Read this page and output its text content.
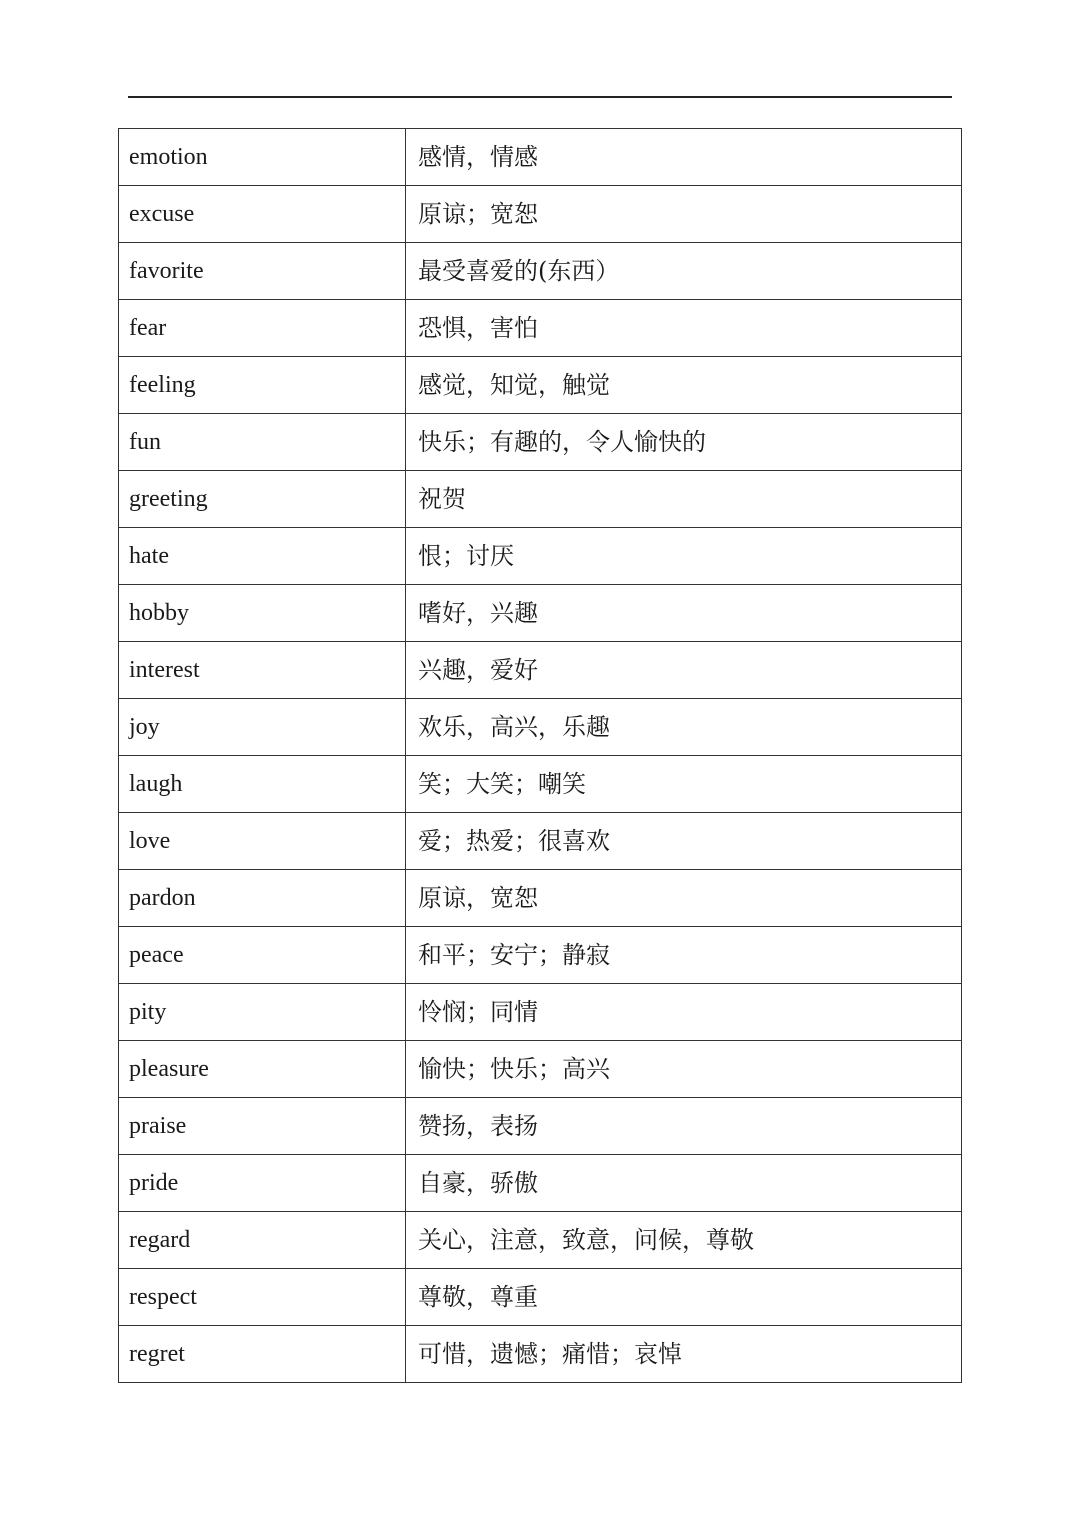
emotion	感情，情感
excuse	原谅；宽恕
favorite	最受喜爱的(东西）
fear	恐惧，害怕
feeling	感觉，知觉，触觉
fun	快乐；有趣的，令人愉快的
greeting	祝贺
hate	恨；讨厌
hobby	嗜好，兴趣
interest	兴趣，爱好
joy	欢乐，高兴，乐趣
laugh	笑；大笑；嘲笑
love	爱；热爱；很喜欢
pardon	原谅，宽恕
peace	和平；安宁；静寂
pity	怜悯；同情
pleasure	愉快；快乐；高兴
praise	赞扬，表扬
pride	自豪，骄傲
regard	关心，注意，致意，问候，尊敬
respect	尊敬，尊重
regret	可惜，遗憾；痛惜；哀悼
